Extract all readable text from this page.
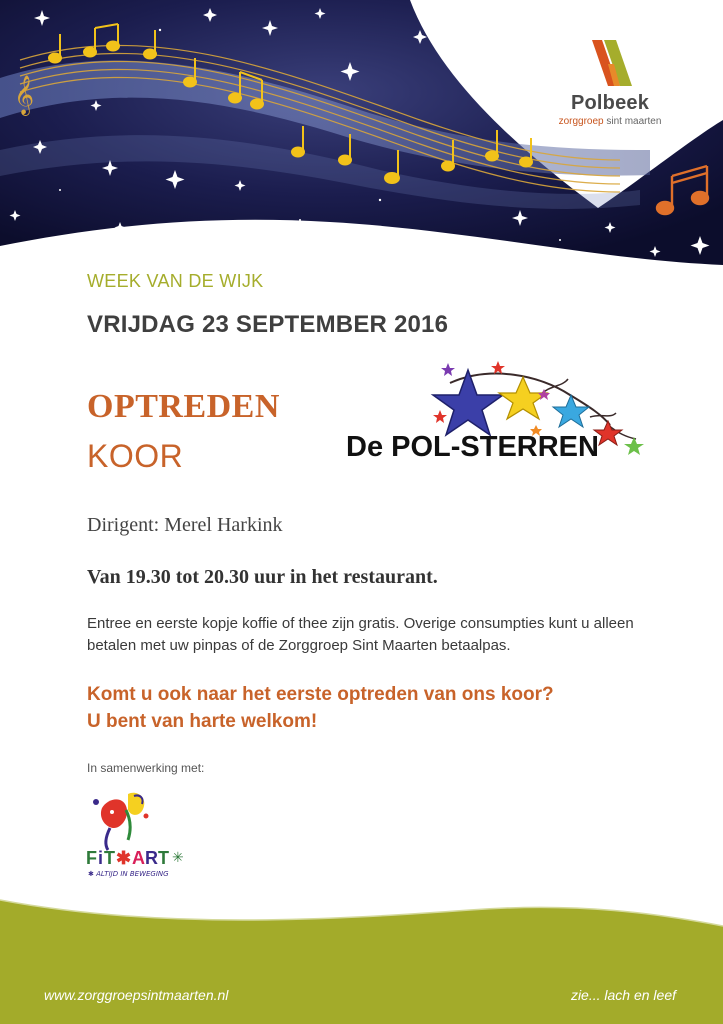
𝄞	Polbeek
zorggroep sint maarten
WEEK VAN DE WIJK
VRIJDAG 23 SEPTEMBER 2016
OPTREDEN
KOOR	De POL-STERREN
Dirigent: Merel Harkink
Van 19.30 tot 20.30 uur in het restaurant.

Entree en eerste kopje koffie of thee zijn gratis. Overige consumpties kunt u alleen betalen met uw pinpas of de Zorggroep Sint Maarten betaalpas.

Komt u ook naar het eerste optreden van ons koor?
U bent van harte welkom!
In samenwerking met:
F i T ✱ A R T ✳
✱ ALTIJD IN BEWEGING
www.zorggroepsintmaarten.nl	zie... lach en leef
